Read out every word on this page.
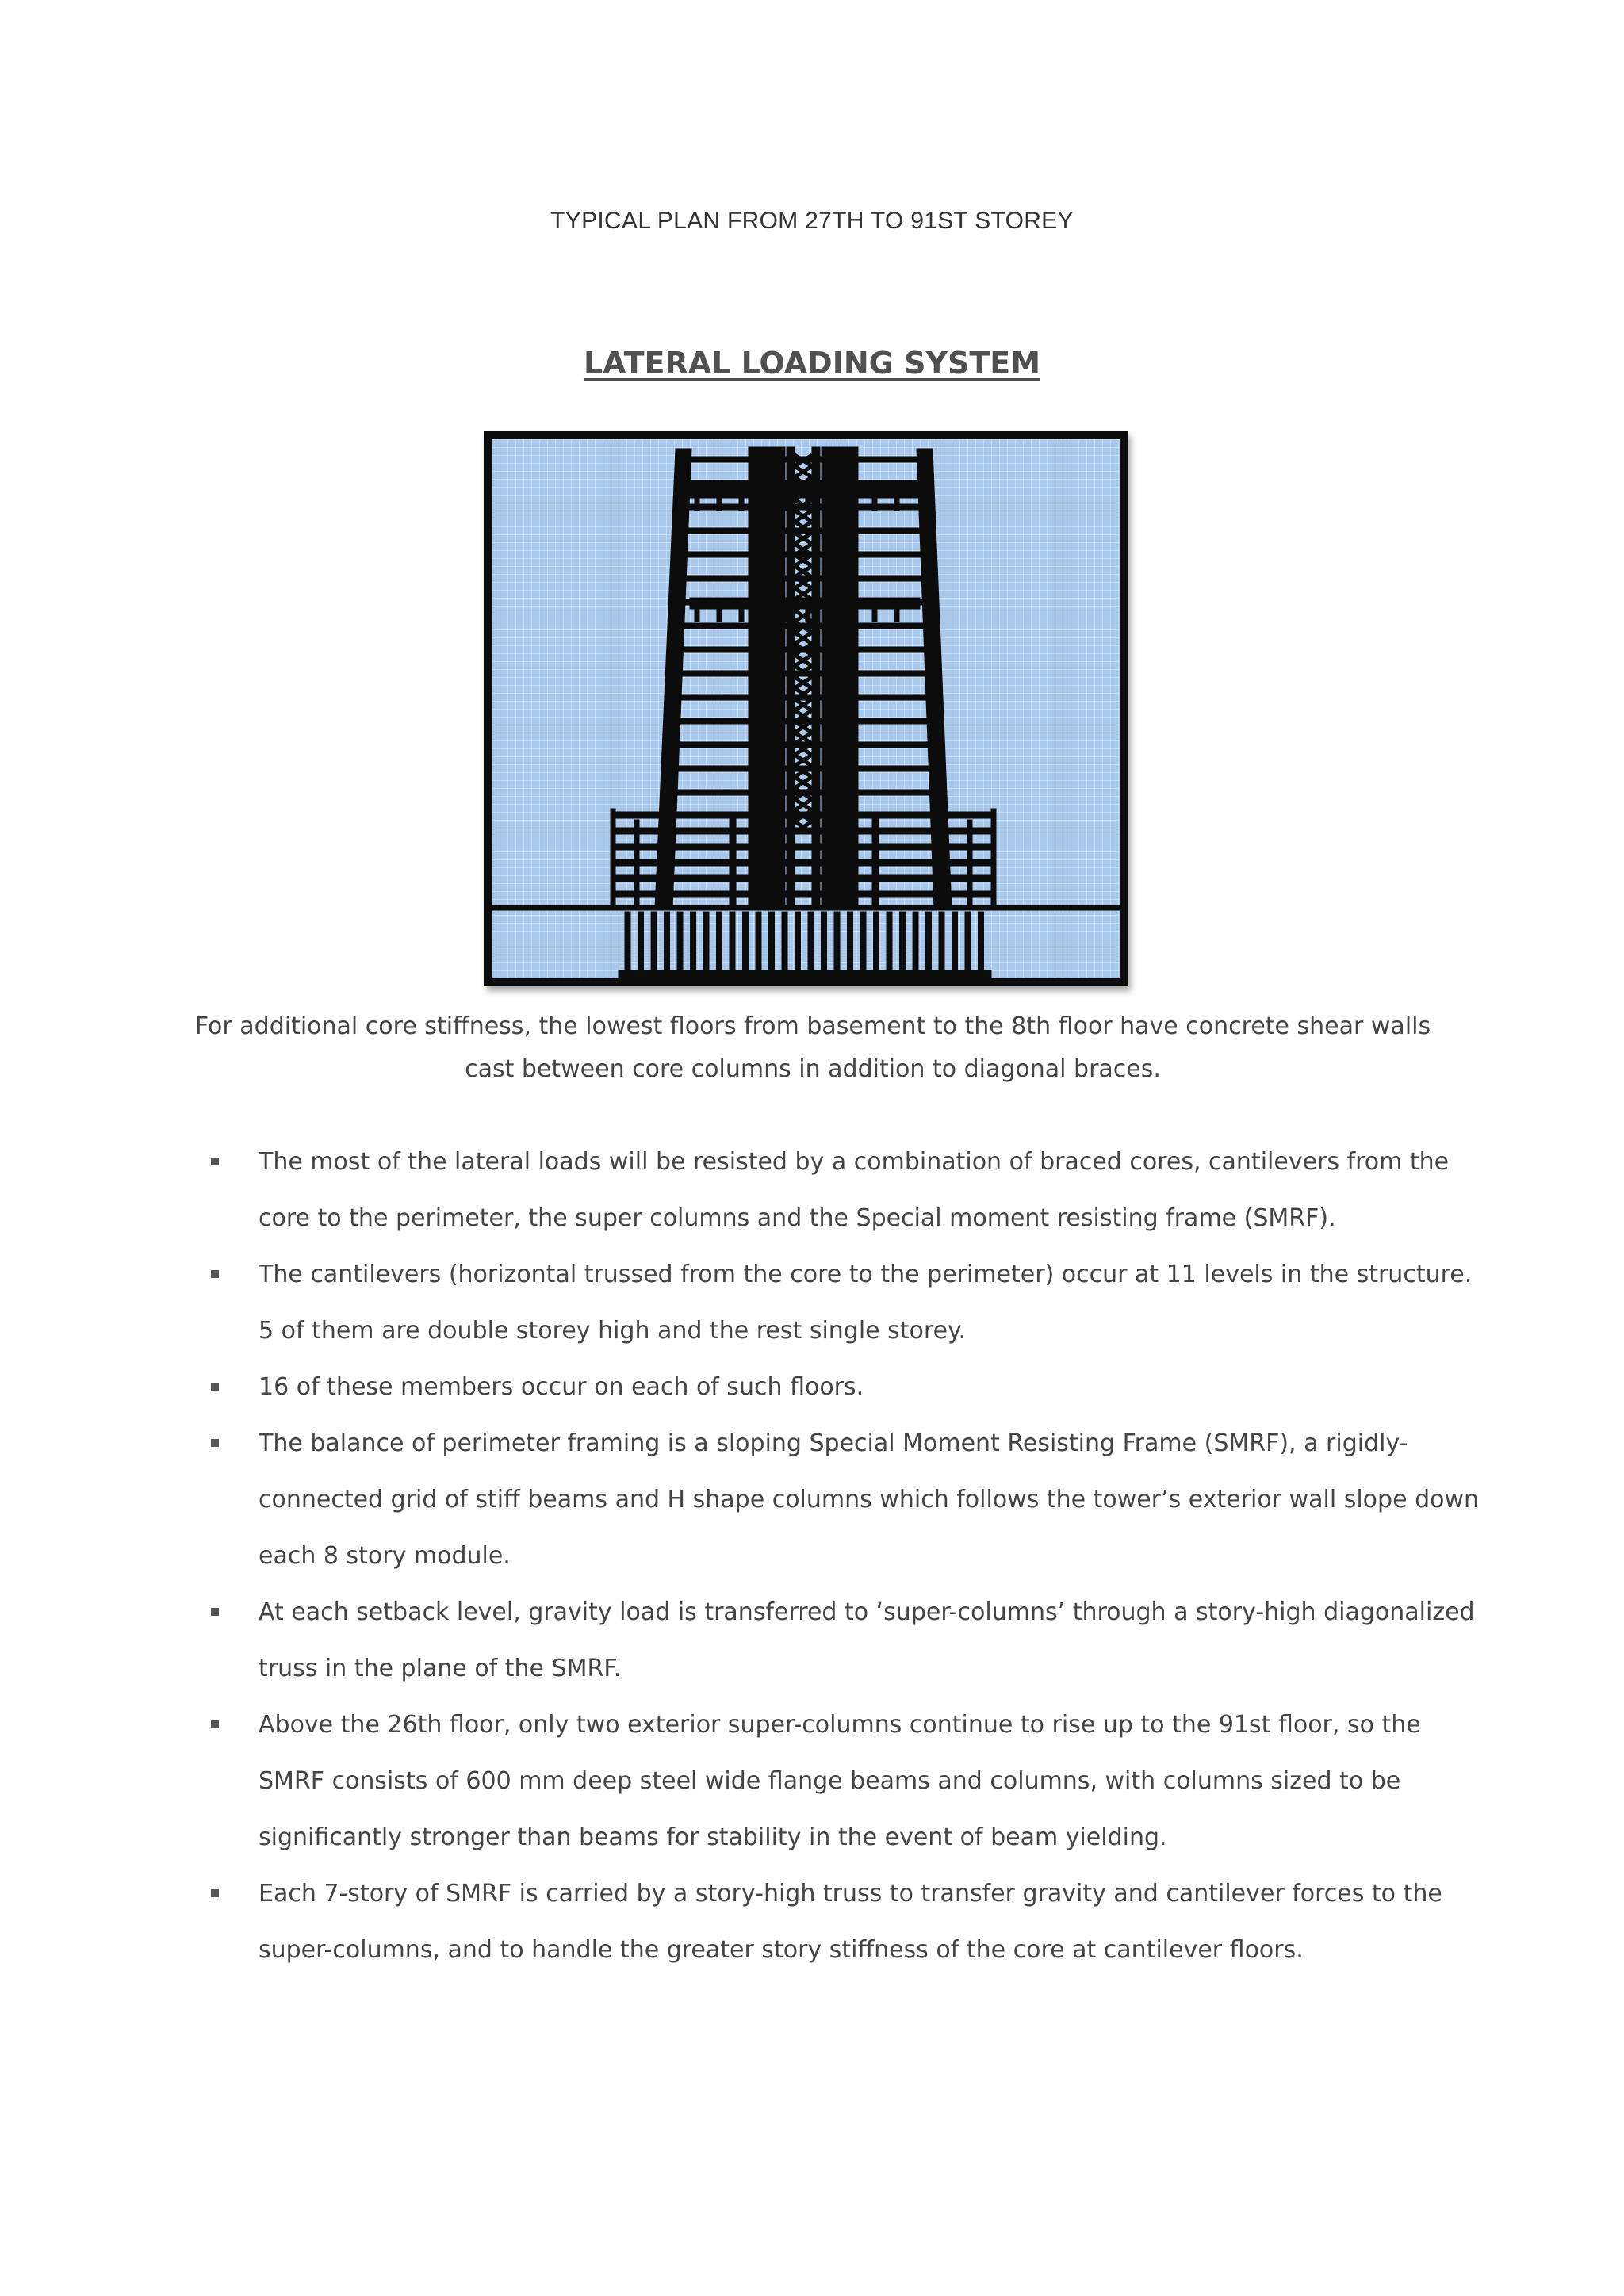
TYPICAL PLAN FROM 27TH TO 91ST STOREY
LATERAL LOADING SYSTEM
For additional core stiffness, the lowest floors from basement to the 8th floor have concrete shear walls cast between core columns in addition to diagonal braces.
The most of the lateral loads will be resisted by a combination of braced cores, cantilevers from the core to the perimeter, the super columns and the Special moment resisting frame (SMRF).
The cantilevers (horizontal trussed from the core to the perimeter) occur at 11 levels in the structure. 5 of them are double storey high and the rest single storey.
16 of these members occur on each of such floors.
The balance of perimeter framing is a sloping Special Moment Resisting Frame (SMRF), a rigidly-connected grid of stiff beams and H shape columns which follows the tower’s exterior wall slope down each 8 story module.
At each setback level, gravity load is transferred to ‘super-columns’ through a story-high diagonalized truss in the plane of the SMRF.
Above the 26th floor, only two exterior super-columns continue to rise up to the 91st floor, so the SMRF consists of 600 mm deep steel wide flange beams and columns, with columns sized to be significantly stronger than beams for stability in the event of beam yielding.
Each 7-story of SMRF is carried by a story-high truss to transfer gravity and cantilever forces to the super-columns, and to handle the greater story stiffness of the core at cantilever floors.
